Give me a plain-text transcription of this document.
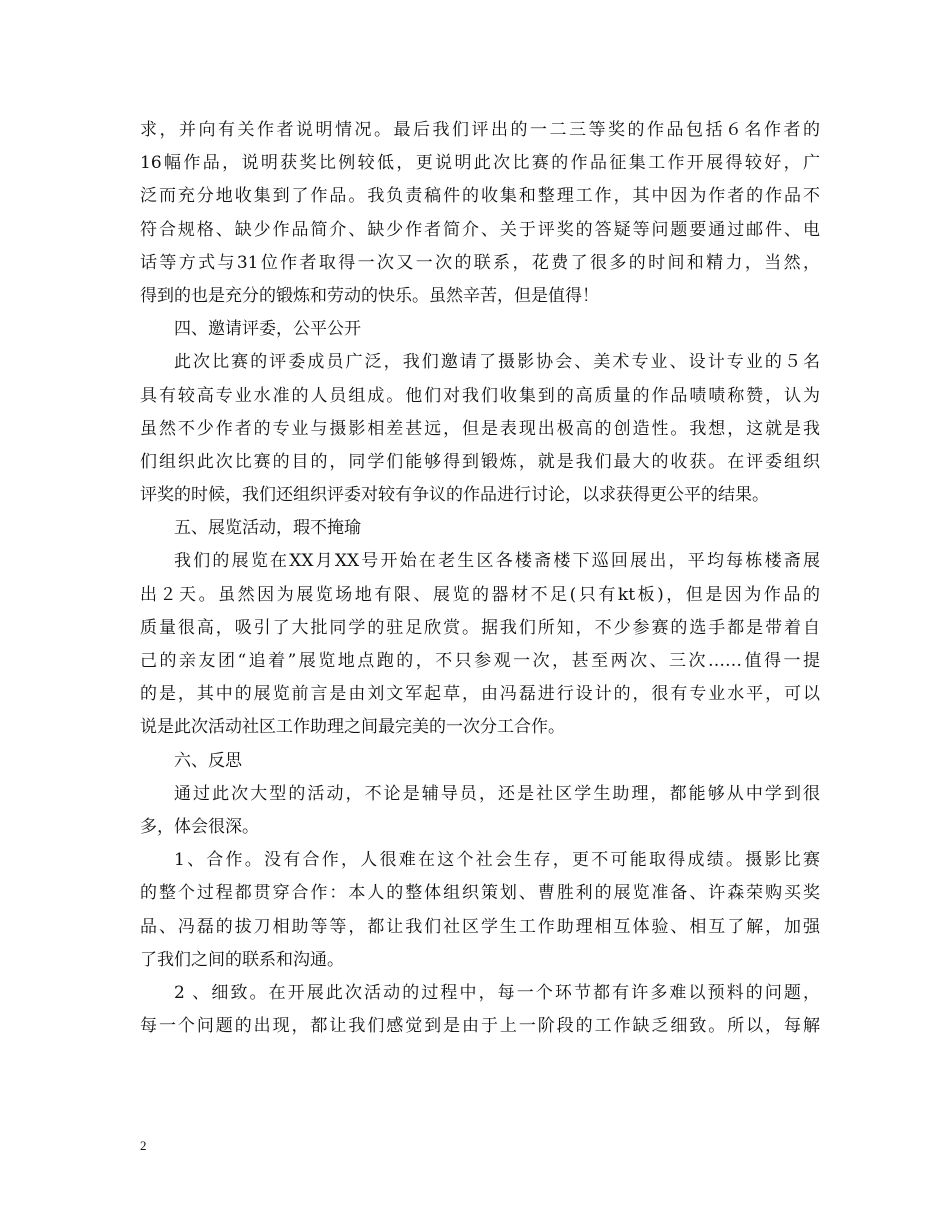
求，并向有关作者说明情况。最后我们评出的一二三等奖的作品包括６名作者的
16幅作品，说明获奖比例较低，更说明此次比赛的作品征集工作开展得较好，广
泛而充分地收集到了作品。我负责稿件的收集和整理工作，其中因为作者的作品不
符合规格、缺少作品简介、缺少作者简介、关于评奖的答疑等问题要通过邮件、电
话等方式与31位作者取得一次又一次的联系，花费了很多的时间和精力，当然，
得到的也是充分的锻炼和劳动的快乐。虽然辛苦，但是值得！
四、邀请评委，公平公开
此次比赛的评委成员广泛，我们邀请了摄影协会、美术专业、设计专业的５名
具有较高专业水准的人员组成。他们对我们收集到的高质量的作品啧啧称赞，认为
虽然不少作者的专业与摄影相差甚远，但是表现出极高的创造性。我想，这就是我
们组织此次比赛的目的，同学们能够得到锻炼，就是我们最大的收获。在评委组织
评奖的时候，我们还组织评委对较有争议的作品进行讨论，以求获得更公平的结果。
五、展览活动，瑕不掩瑜
我们的展览在XX月XX号开始在老生区各楼斋楼下巡回展出，平均每栋楼斋展
出２天。虽然因为展览场地有限、展览的器材不足(只有kt板)，但是因为作品的
质量很高，吸引了大批同学的驻足欣赏。据我们所知，不少参赛的选手都是带着自
己的亲友团“追着”展览地点跑的，不只参观一次，甚至两次、三次……值得一提
的是，其中的展览前言是由刘文军起草，由冯磊进行设计的，很有专业水平，可以
说是此次活动社区工作助理之间最完美的一次分工合作。
六、反思
通过此次大型的活动，不论是辅导员，还是社区学生助理，都能够从中学到很
多，体会很深。
1、合作。没有合作，人很难在这个社会生存，更不可能取得成绩。摄影比赛
的整个过程都贯穿合作：本人的整体组织策划、曹胜利的展览准备、许森荣购买奖
品、冯磊的拔刀相助等等，都让我们社区学生工作助理相互体验、相互了解，加强
了我们之间的联系和沟通。
2 、细致。在开展此次活动的过程中，每一个环节都有许多难以预料的问题，
每一个问题的出现，都让我们感觉到是由于上一阶段的工作缺乏细致。所以，每解
2
